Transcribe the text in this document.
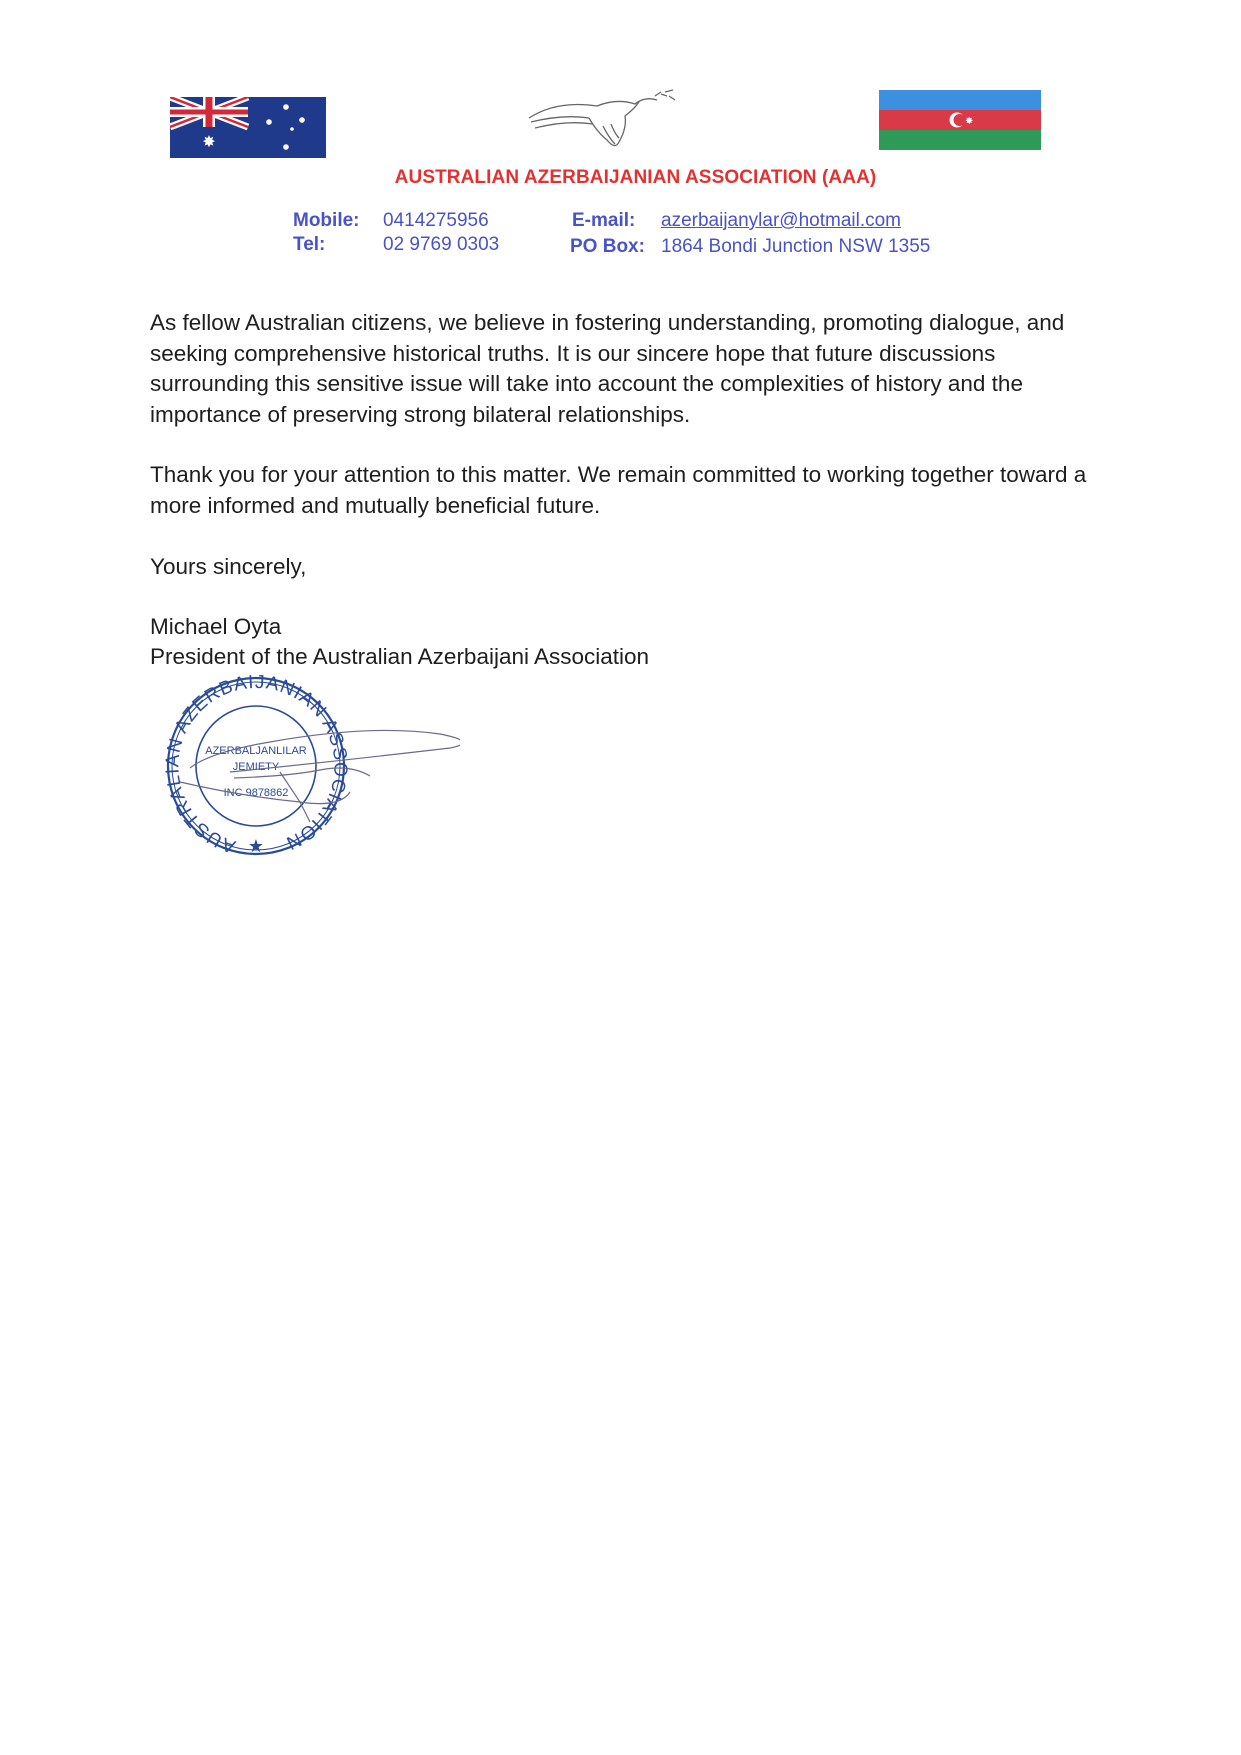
✸
✸
AUSTRALIAN AZERBAIJANIAN ASSOCIATION (AAA)
Mobile: 0414275956
Tel:	02 9769 0303
E-mail: azerbaijanylar@hotmail.com
PO Box: 1864 Bondi Junction NSW 1355
As fellow Australian citizens, we believe in fostering understanding, promoting dialogue, and seeking comprehensive historical truths. It is our sincere hope that future discussions surrounding this sensitive issue will take into account the complexities of history and the importance of preserving strong bilateral relationships.
Thank you for your attention to this matter. We remain committed to working together toward a more informed and mutually beneficial future.
Yours sincerely,
Michael Oyta
President of the Australian Azerbaijani Association
AUSTRALIAN AZERBAIJANIAN ASSOCIATION
AZERBALJANLILAR
JEMIETY
INC 9878862
★
